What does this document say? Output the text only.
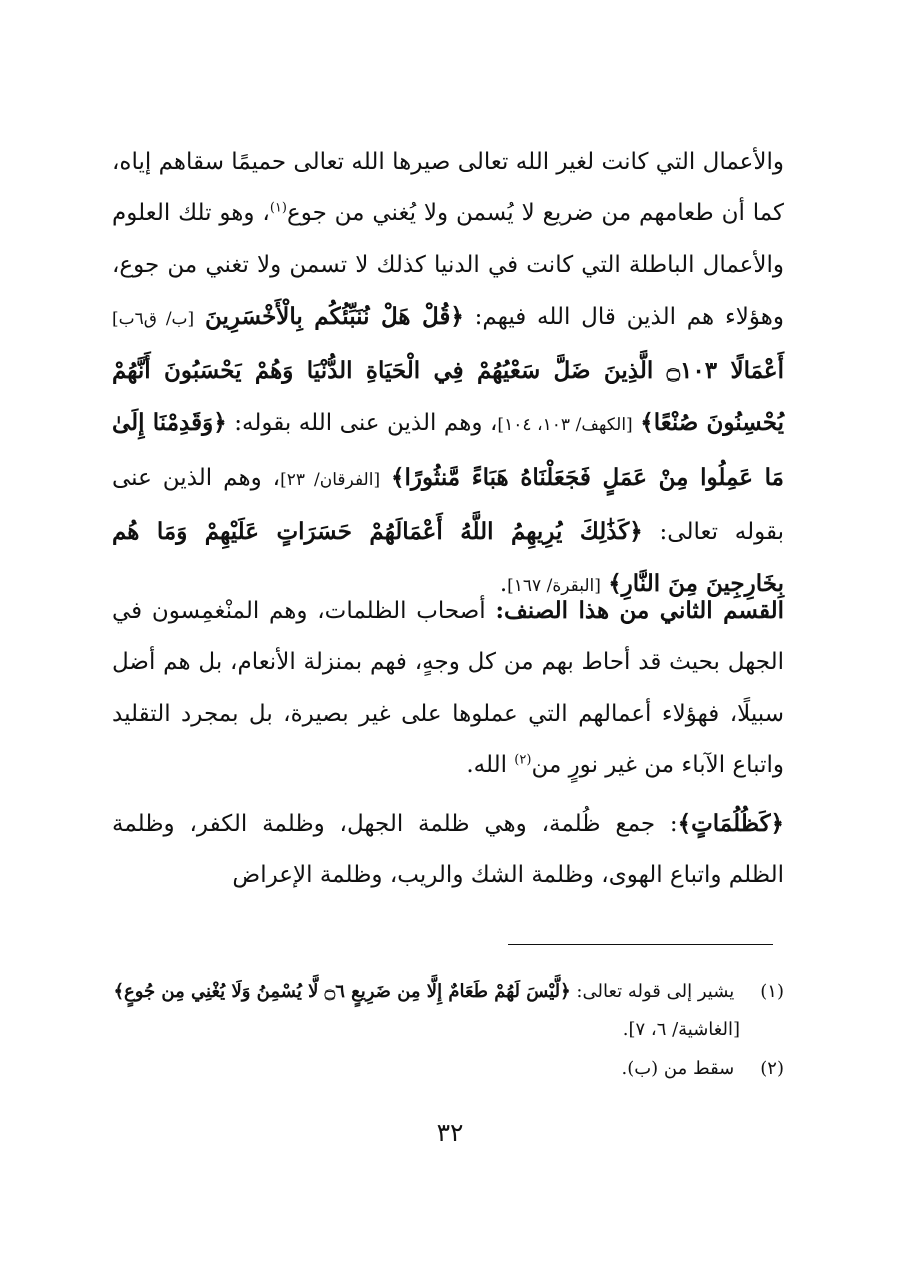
والأعمال التي كانت لغير الله تعالى صيرها الله تعالى حميمًا سقاهم إياه، كما أن طعامهم من ضريع لا يُسمن ولا يُغني من جوع$^{(١)}$، وهو تلك العلوم والأعمال الباطلة التي كانت في الدنيا كذلك لا تسمن ولا تغني من جوع، وهؤلاء هم الذين قال الله فيهم: ﴿قُلْ هَلْ نُنَبِّئُكُم بِالْأَخْسَرِينَ [ب/ ق٦ب] أَعْمَالًا ۝١٠٣ الَّذِينَ ضَلَّ سَعْيُهُمْ فِي الْحَيَاةِ الدُّنْيَا وَهُمْ يَحْسَبُونَ أَنَّهُمْ يُحْسِنُونَ صُنْعًا﴾ [الكهف/ ١٠٣، ١٠٤]، وهم الذين عنى الله بقوله: ﴿وَقَدِمْنَا إِلَىٰ مَا عَمِلُوا مِنْ عَمَلٍ فَجَعَلْنَاهُ هَبَاءً مَّنثُورًا﴾ [الفرقان/ ٢٣]، وهم الذين عنى بقوله تعالى: ﴿كَذَٰلِكَ يُرِيهِمُ اللَّهُ أَعْمَالَهُمْ حَسَرَاتٍ عَلَيْهِمْ وَمَا هُم بِخَارِجِينَ مِنَ النَّارِ﴾ [البقرة/ ١٦٧].
القسم الثاني من هذا الصنف: أصحاب الظلمات، وهم المنْغمِسون في الجهل بحيث قد أحاط بهم من كل وجهٍ، فهم بمنزلة الأنعام، بل هم أضل سبيلًا، فهؤلاء أعمالهم التي عملوها على غير بصيرة، بل بمجرد التقليد واتباع الآباء من غير نورٍ من$^{(٢)}$ الله.
﴿كَظُلُمَاتٍ﴾: جمع ظُلمة، وهي ظلمة الجهل، وظلمة الكفر، وظلمة الظلم واتباع الهوى، وظلمة الشك والريب، وظلمة الإعراض
(١) يشير إلى قوله تعالى: ﴿لَّيْسَ لَهُمْ طَعَامٌ إِلَّا مِن ضَرِيعٍ ۝٦ لَّا يُسْمِنُ وَلَا يُغْنِي مِن جُوعٍ﴾
[الغاشية/ ٦، ٧].
(٢) سقط من (ب).
٣٢
